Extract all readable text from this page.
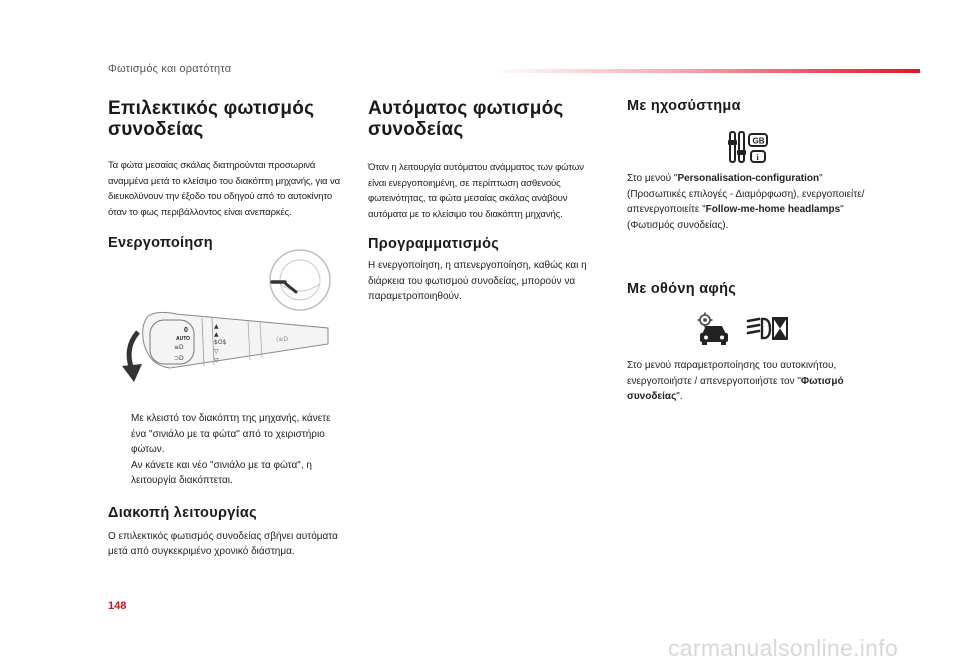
Φωτισμός και ορατότητα
Επιλεκτικός φωτισμός συνοδείας

Τα φώτα μεσαίας σκάλας διατηρούνται προσωρινά αναμμένα μετά το κλείσιμο του διακόπτη μηχανής, για να διευκολύνουν την έξοδο του οδηγού από το αυτοκίνητο όταν το φως περιβάλλοντος είναι ανεπαρκές.

Ενεργοποίηση
0
AUTO
≡D
⊃D
▲
▲
$O$
▽
▽
⟨≡D
Με κλειστό τον διακόπτη της μηχανής, κάνετε ένα "σινιάλο με τα φώτα" από το χειριστήριο φώτων.
Αν κάνετε και νέο "σινιάλο με τα φώτα", η λειτουργία διακόπτεται.
Διακοπή λειτουργίας

Ο επιλεκτικός φωτισμός συνοδείας σβήνει αυτόματα μετά από συγκεκριμένο χρονικό διάστημα.

Αυτόματος φωτισμός συνοδείας

Όταν η λειτουργία αυτόματου ανάμματος των φώτων είναι ενεργοποιημένη, σε περίπτωση ασθενούς φωτεινότητας, τα φώτα μεσαίας σκάλας ανάβουν αυτόματα με το κλείσιμο του διακόπτη μηχανής.

Προγραμματισμός

Η ενεργοποίηση, η απενεργοποίηση, καθώς και η διάρκεια του φωτισμού συνοδείας, μπορούν να παραμετροποιηθούν.

Με ηχοσύστημα
GB
i

Στο μενού "Personalisation-configuration" (Προσωπικές επιλογές - Διαμόρφωση), ενεργοποιείτε/απενεργοποιείτε "Follow-me-home headlamps" (Φωτισμός συνοδείας).

Με οθόνη αφής

Στο μενού παραμετροποίησης του αυτοκινήτου, ενεργοποιήστε / απενεργοποιήστε τον "Φωτισμό συνοδείας".

148
carmanualsonline.info
